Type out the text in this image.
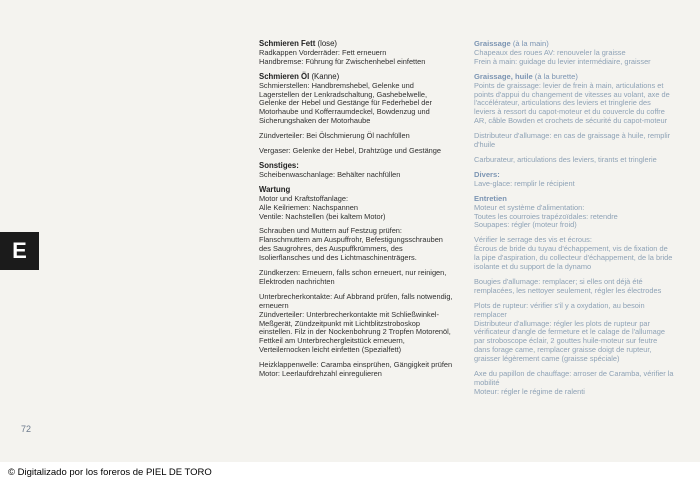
E
72
Schmieren Fett (lose)
Radkappen Vorderräder: Fett erneuern
Handbremse: Führung für Zwischenhebel einfetten
Schmieren Öl (Kanne)
Schmierstellen: Handbremshebel, Gelenke und Lagerstellen der Lenkradschaltung, Gashebelwelle, Gelenke der Hebel und Gestänge für Federhebel der Motorhaube und Kofferraumdeckel, Bowdenzug und Sicherungshaken der Motorhaube
Zündverteiler: Bei Ölschmierung Öl nachfüllen
Vergaser: Gelenke der Hebel, Drahtzüge und Gestänge
Sonstiges:
Scheibenwaschanlage: Behälter nachfüllen
Wartung
Motor und Kraftstoffanlage:
Alle Keilriemen: Nachspannen
Ventile: Nachstellen (bei kaltem Motor)
Schrauben und Muttern auf Festzug prüfen:
Flanschmuttern am Auspuffrohr, Befestigungsschrauben des Saugrohres, des Auspuffkrümmers, des Isolierflansches und des Lichtmaschinenträgers.
Zündkerzen: Erneuern, falls schon erneuert, nur reinigen, Elektroden nachrichten
Unterbrecherkontakte: Auf Abbrand prüfen, falls notwendig, erneuern
Zündverteiler: Unterbrecherkontakte mit Schließwinkel-Meßgerät, Zündzeitpunkt mit Lichtblitzstroboskop einstellen. Filz in der Nockenbohrung 2 Tropfen Motorenöl, Fettkeil am Unterbrechergleitstück erneuern, Verteilernocken leicht einfetten (Spezialfett)
Heizklappenwelle: Caramba einsprühen, Gängigkeit prüfen
Motor: Leerlaufdrehzahl einregulieren
Graissage (à la main)
Chapeaux des roues AV: renouveler la graisse
Frein à main: guidage du levier intermédiaire, graisser
Graissage, huile (à la burette)
Points de graissage: levier de frein à main, articulations et points d'appui du changement de vitesses au volant, axe de l'accélérateur, articulations des leviers et tringlerie des leviers à ressort du capot-moteur et du couvercle du coffre AR, câble Bowden et crochets de sécurité du capot-moteur
Distributeur d'allumage: en cas de graissage à huile, remplir d'huile
Carburateur, articulations des leviers, tirants et tringlerie
Divers:
Lave-glace: remplir le récipient
Entretien
Moteur et système d'alimentation:
Toutes les courroies trapézoïdales: retendre
Soupapes: régler (moteur froid)
Vérifier le serrage des vis et écrous:
Écrous de bride du tuyau d'échappement, vis de fixation de la pipe d'aspiration, du collecteur d'échappement, de la bride isolante et du support de la dynamo
Bougies d'allumage: remplacer; si elles ont déjà été remplacées, les nettoyer seulement, régler les électrodes
Plots de rupteur: vérifier s'il y a oxydation, au besoin remplacer
Distributeur d'allumage: régler les plots de rupteur par vérificateur d'angle de fermeture et le calage de l'allumage par stroboscope éclair, 2 gouttes huile-moteur sur feutre dans forage came, remplacer graisse doigt de rupteur, graisser légèrement came (graisse spéciale)
Axe du papillon de chauffage: arroser de Caramba, vérifier la mobilité
Moteur: régler le régime de ralenti
© Digitalizado por los foreros de PIEL DE TORO
